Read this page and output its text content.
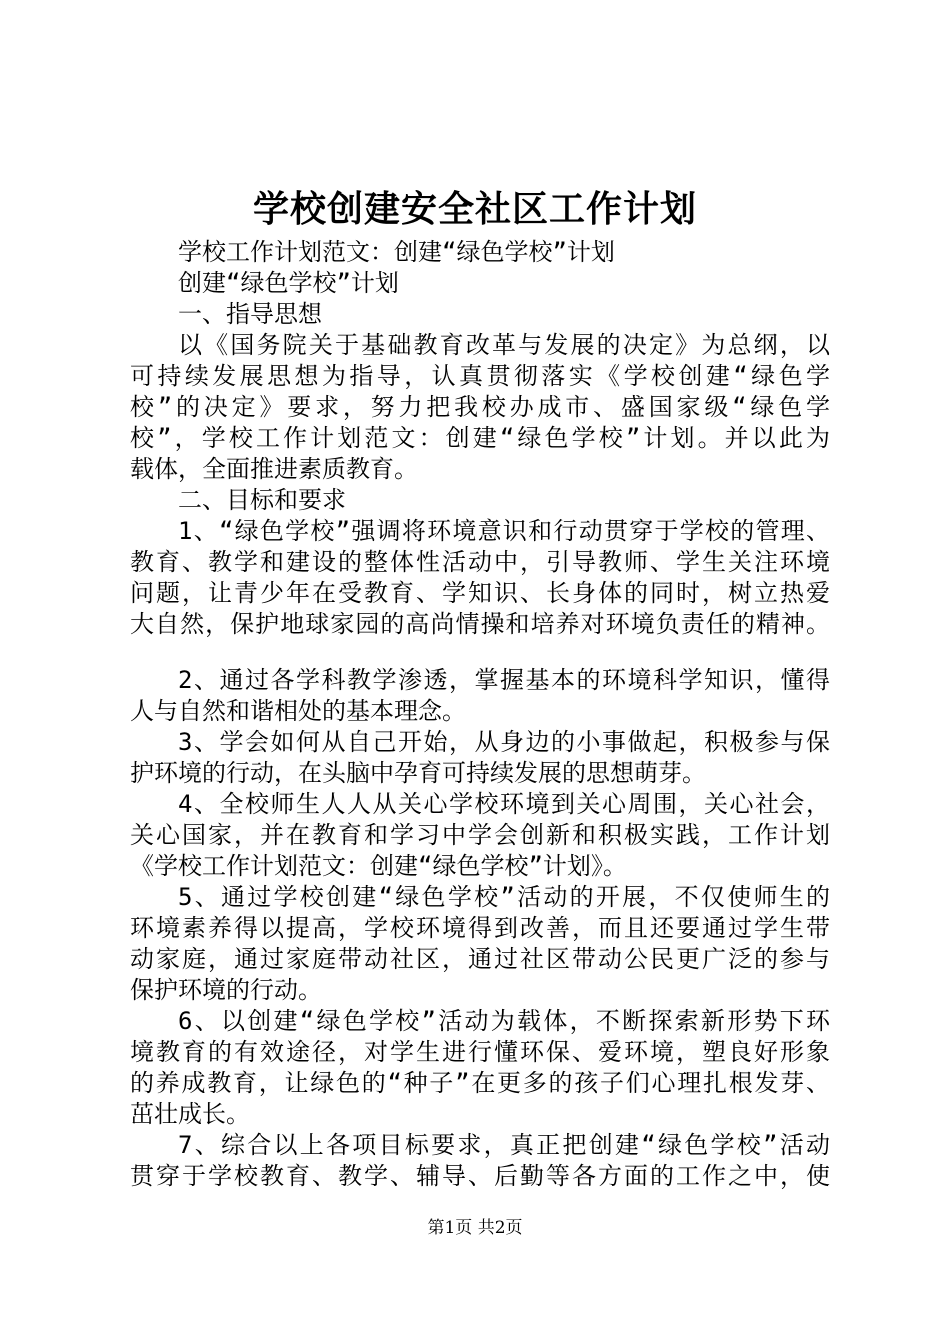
学校创建安全社区工作计划
学校工作计划范文：创建“绿色学校”计划
创建“绿色学校”计划
一、指导思想
以《国务院关于基础教育改革与发展的决定》为总纲，以
可持续发展思想为指导，认真贯彻落实《学校创建“绿色学
校”的决定》要求，努力把我校办成市、盛国家级“绿色学
校”，学校工作计划范文：创建“绿色学校”计划。并以此为
载体，全面推进素质教育。
二、目标和要求
1、“绿色学校”强调将环境意识和行动贯穿于学校的管理、
教育、教学和建设的整体性活动中，引导教师、学生关注环境
问题，让青少年在受教育、学知识、长身体的同时，树立热爱
大自然，保护地球家园的高尚情操和培养对环境负责任的精神。
2、通过各学科教学渗透，掌握基本的环境科学知识，懂得
人与自然和谐相处的基本理念。
3、学会如何从自己开始，从身边的小事做起，积极参与保
护环境的行动，在头脑中孕育可持续发展的思想萌芽。
4、全校师生人人从关心学校环境到关心周围，关心社会，
关心国家，并在教育和学习中学会创新和积极实践，工作计划
《学校工作计划范文：创建“绿色学校”计划》。
5、通过学校创建“绿色学校”活动的开展，不仅使师生的
环境素养得以提高，学校环境得到改善，而且还要通过学生带
动家庭，通过家庭带动社区，通过社区带动公民更广泛的参与
保护环境的行动。
6、以创建“绿色学校”活动为载体，不断探索新形势下环
境教育的有效途径，对学生进行懂环保、爱环境，塑良好形象
的养成教育，让绿色的“种子”在更多的孩子们心理扎根发芽、
茁壮成长。
7、综合以上各项目标要求，真正把创建“绿色学校”活动
贯穿于学校教育、教学、辅导、后勤等各方面的工作之中，使
第1页 共2页
